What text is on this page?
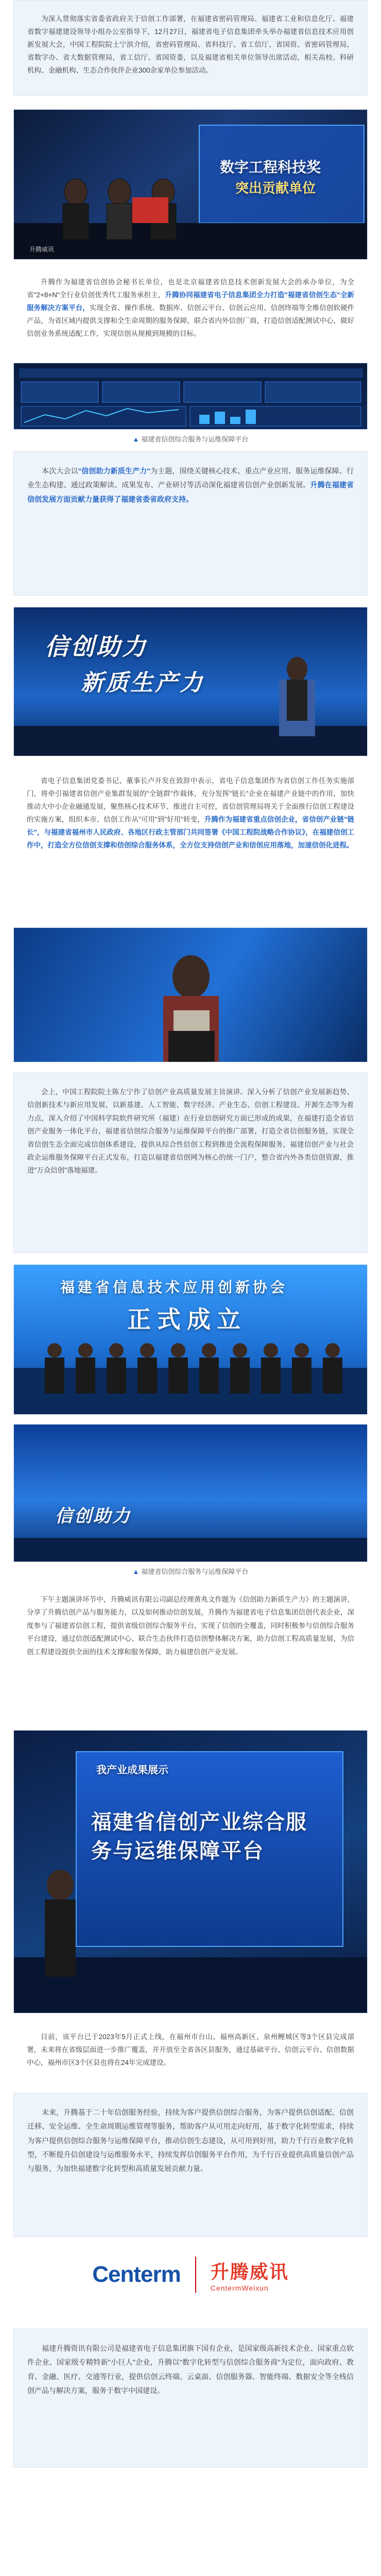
为深入贯彻落实省委省政府关于信创工作部署，在福建省密码管理局、福建省工业和信息化厅、福建省数字福建建设领导小组办公室指导下，12月27日，福建省电子信息集团牵头举办福建省信息技术应用创新发展大会，中国工程院院士宁滨介绍，省密码管理局、省科技厅、省工信厅、省国资、省密码管理局，省数字办、省大数据管理局，省工信厅、省国资委，以及福建省相关单位领导出席活动，相关高校、科研机构、金融机构、生态合作伙伴企业300余家单位参加活动。

数字工程科技奖
突出贡献单位
升腾威讯

升腾作为福建省信创协会秘书长单位，也是北京福建省信息技术创新发展大会的承办单位，为全省"2+8+N"全行业信创优秀代工服务承担主，升腾协同福建省电子信息集团全力打造"福建省信创生态"全新服务解决方案平台，实现全省、操作系统、数据库、信创云平台、信创云应用、信创终端等全维信创软硬件产品，为省区域内提供支撑和全生命周期的服务保障，联合省内外信创厂商，打造信创适配测试中心，做好信创业务系统适配工作，实现信创从规模到规模的目标。

▲ 福建省信创综合服务与运维保障平台

本次大会以"信创助力新质生产力"为主题，围绕关键核心技术、重点产业应用、服务运维保障、行业生态构建、通过政策解读、成果发布、产业研讨等活动深化福建省信创产业创新发展。升腾在福建省信创发展方面贡献力量获得了福建省委省政府支持。

信创助力
新质生产力

省电子信息集团党委书记、董事长卢开发在致辞中表示，省电子信息集团作为省信创工作任务实施部门，将牵引福建省信创产业集群发展的"全链群"作载体，充分发挥"链长"企业在福建产业链中的作用，加快推动大中小企业融通发展，聚焦核心技术环节、推进自主可控，省信创管理局将关于全面推行信创工程建设的实施方案，组织本市、信创工作从"可用"到"好用"转变，升腾作为福建省重点信创企业，省信创产业链"链长"，与福建省福州市人民政府、各地区行政主管部门共同签署《中国工程院战略合作协议》，在福建信创工作中，打造全方位信创支撑和信创综合服务体系，全方位支持信创产业和信创应用落地，加速信创化进程。

会上，中国工程院院士陈左宁作了信创产业高质量发展主旨演讲。深入分析了信创产业发展新趋势、信创新技术与新应用发展，以新基建、人工智能、数字经济、产业生态、信创工程建设、开源生态等为着力点，深入介绍了中国科学院软件研究所（福建）在行业信创研究方面已形成的成果，在福建打造全省信创产业服务一体化平台，福建省信创综合服务与运维保障平台的推广部署，打造全省信创服务链，实现全省信创生态全面完成信创体系建设，提供从综合性信创工程到推进全流程保障服务，福建信创产业与社会政企运维服务保障平台正式发布，打造以福建省信创网为核心的统一门户，整合省内外各类信创资源，推进"万众信创"落地福建。

福建省信息技术应用创新协会
正式成立
信创助力
▲ 福建省信创综合服务与运维保障平台

下午主题演讲环节中，升腾威讯有限公司副总经理黄兆文作题为《信创助力新质生产力》的主题演讲，分享了升腾信创产品与服务能力，以及如何推动信创发展，升腾作为福建省电子信息集团信创代表企业，深度参与了福建省信创工程，提供省级信创综合服务平台，实现了信创的全覆盖，同时积极参与信创综合服务平台建设，通过信创适配测试中心、联合生态伙伴打造信创整体解决方案，助力信创工程高质量发展，为信创工程建设提供全面的技术支撑和服务保障，助力福建信创产业发展。

我产业成果展示
福建省信创产业综合服务与运维保障平台

目前，该平台已于2023年5月正式上线，在福州市台山、福州高新区、泉州鲤城区等3个区县完成部署，未来将在省级层面进一步推广覆盖，并开放至全省各区县服务，通过基础平台、信创云平台、信创数据中心，福州市区3个区县也将在24年完成建设。

未来，升腾基于二十年信创服务经验，持续为客户提供信创综合服务，为客户提供信创适配、信创迁移、安全运维、全生命周期运维管理等服务，帮助客户从可用走向好用，基于数字化转型需求，持续为客户提供信创综合服务与运维保障平台，推动信创生态建设，从可用到好用，助力千行百业数字化转型，不断提升信创建设与运维服务水平，持续发挥信创服务平台作用，为千行百业提供高质量信创产品与服务，为加快福建数字化转型和高质量发展贡献力量。

Centerm 升腾威讯
CentermWeixun

福建升腾资讯有限公司是福建省电子信息集团旗下国有企业，是国家级高新技术企业、国家重点软件企业、国家级专精特新"小巨人"企业，升腾以"数字化转型与信创综合服务商"为定位，面向政府、教育、金融、医疗、交通等行业，提供信创云终端、云桌面、信创服务器、智能终端、数据安全等全栈信创产品与解决方案，服务于数字中国建设。
